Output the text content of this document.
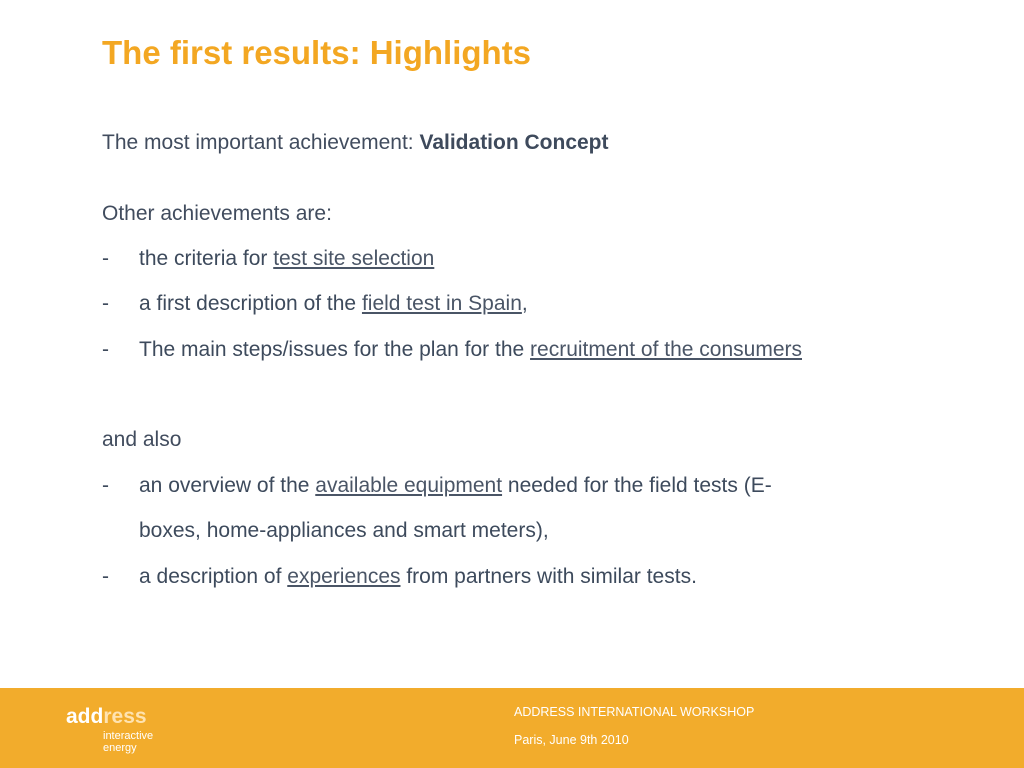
The first results: Highlights
The most important achievement: Validation Concept
Other achievements are:
- the criteria for test site selection
- a first description of the field test in Spain,
- The main steps/issues for the plan for the recruitment of the consumers
and also
- an overview of the available equipment needed for the field tests (E-
boxes, home-appliances and smart meters),
- a description of experiences from partners with similar tests.
address
interactive
energy
ADDRESS INTERNATIONAL WORKSHOP
Paris, June 9th 2010
